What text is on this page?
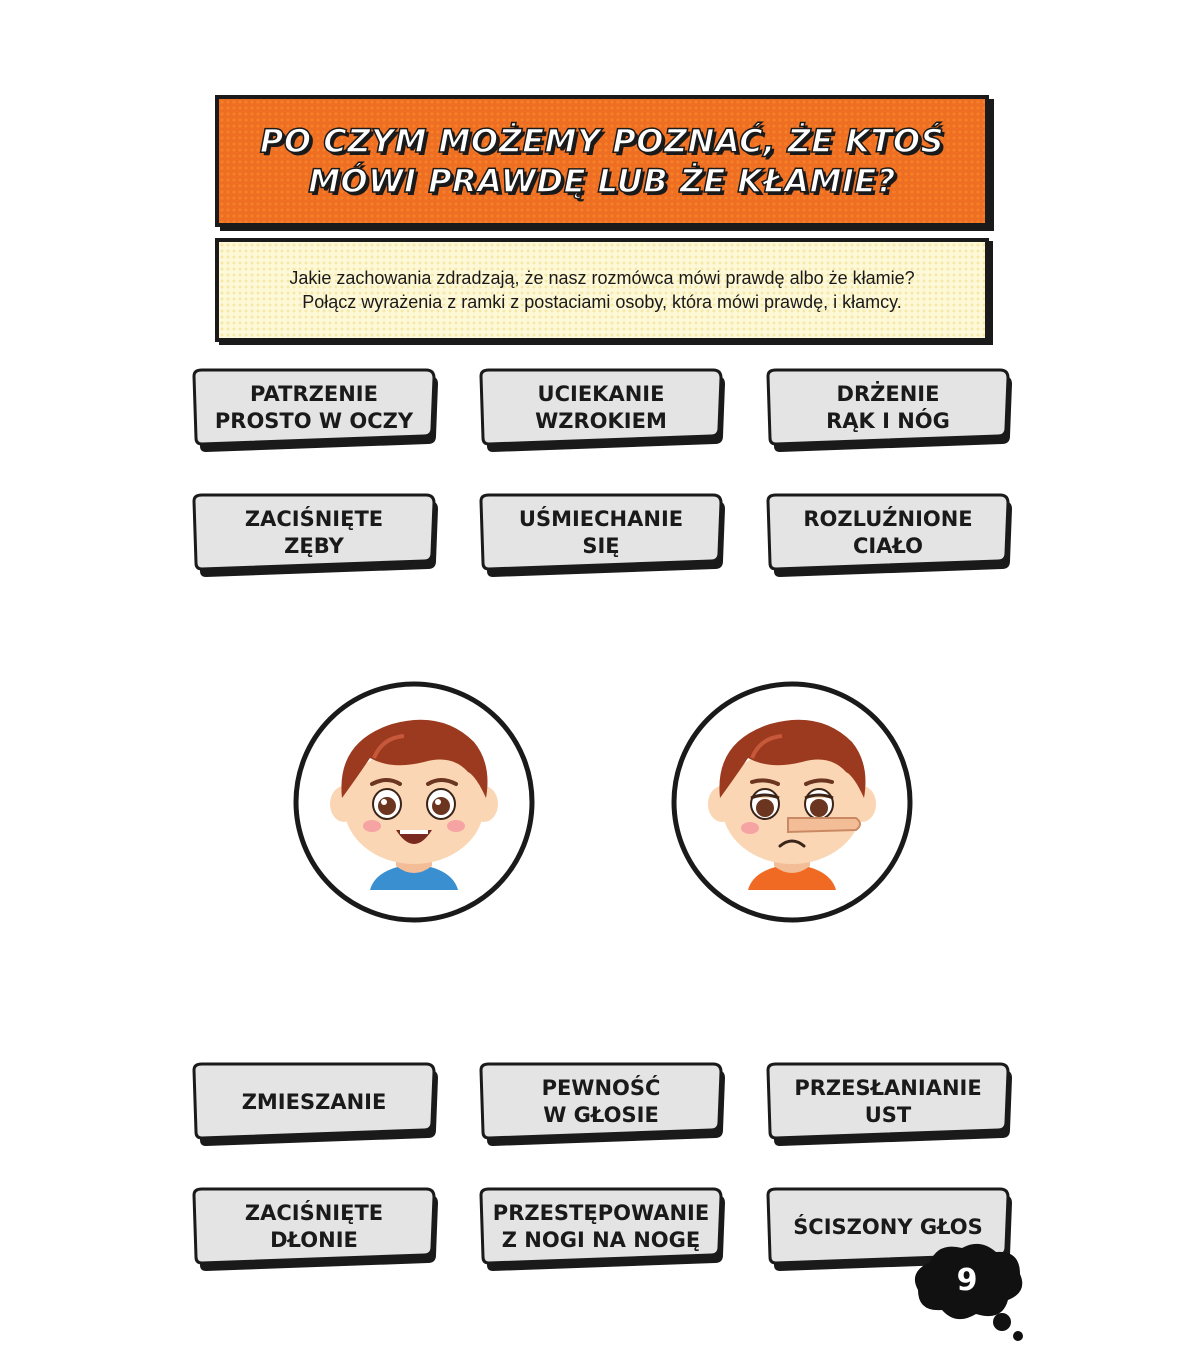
PO CZYM MOŻEMY POZNAĆ, ŻE KTOŚ
MÓWI PRAWDĘ LUB ŻE KŁAMIE?
Jakie zachowania zdradzają, że nasz rozmówca mówi prawdę albo że kłamie?
Połącz wyrażenia z ramki z postaciami osoby, która mówi prawdę, i kłamcy.
PATRZENIE
PROSTO W OCZY
UCIEKANIE
WZROKIEM
DRŻENIE
RĄK I NÓG
ZACIŚNIĘTE
ZĘBY
UŚMIECHANIE
SIĘ
ROZLUŹNIONE
CIAŁO
ZMIESZANIE
PEWNOŚĆ
W GŁOSIE
PRZESŁANIANIE
UST
ZACIŚNIĘTE
DŁONIE
PRZESTĘPOWANIE
Z NOGI NA NOGĘ
ŚCISZONY GŁOS
9
